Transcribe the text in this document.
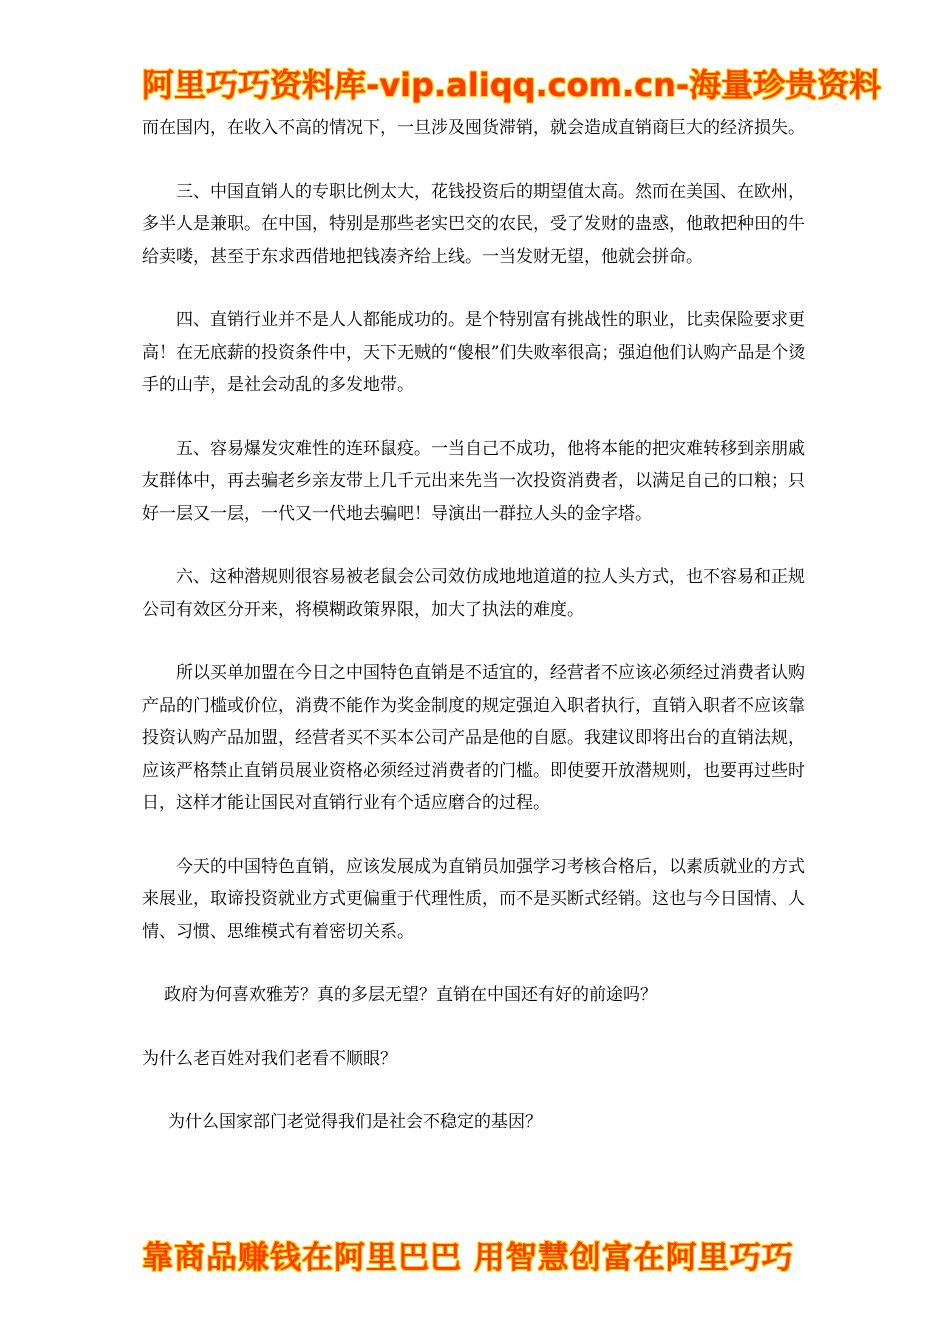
阿里巧巧资料库-vip.aliqq.com.cn-海量珍贵资料

而在国内，在收入不高的情况下，一旦涉及囤货滞销，就会造成直销商巨大的经济损失。

三、中国直销人的专职比例太大，花钱投资后的期望值太高。然而在美国、在欧州，多半人是兼职。在中国，特别是那些老实巴交的农民，受了发财的蛊惑，他敢把种田的牛给卖喽，甚至于东求西借地把钱凑齐给上线。一当发财无望，他就会拼命。

四、直销行业并不是人人都能成功的。是个特别富有挑战性的职业，比卖保险要求更高！在无底薪的投资条件中，天下无贼的“傻根”们失败率很高；强迫他们认购产品是个烫手的山芋，是社会动乱的多发地带。

五、容易爆发灾难性的连环鼠疫。一当自己不成功，他将本能的把灾难转移到亲朋戚友群体中，再去骗老乡亲友带上几千元出来先当一次投资消费者，以满足自己的口粮；只好一层又一层，一代又一代地去骗吧！导演出一群拉人头的金字塔。

六、这种潜规则很容易被老鼠会公司效仿成地地道道的拉人头方式，也不容易和正规公司有效区分开来，将模糊政策界限，加大了执法的难度。

所以买单加盟在今日之中国特色直销是不适宜的，经营者不应该必须经过消费者认购产品的门槛或价位，消费不能作为奖金制度的规定强迫入职者执行，直销入职者不应该靠投资认购产品加盟，经营者买不买本公司产品是他的自愿。我建议即将出台的直销法规，应该严格禁止直销员展业资格必须经过消费者的门槛。即使要开放潜规则，也要再过些时日，这样才能让国民对直销行业有个适应磨合的过程。

今天的中国特色直销，应该发展成为直销员加强学习考核合格后，以素质就业的方式来展业，取谛投资就业方式更偏重于代理性质，而不是买断式经销。这也与今日国情、人情、习惯、思维模式有着密切关系。

政府为何喜欢雅芳？真的多层无望？直销在中国还有好的前途吗？

为什么老百姓对我们老看不顺眼？

为什么国家部门老觉得我们是社会不稳定的基因？

靠商品赚钱在阿里巴巴 用智慧创富在阿里巧巧
